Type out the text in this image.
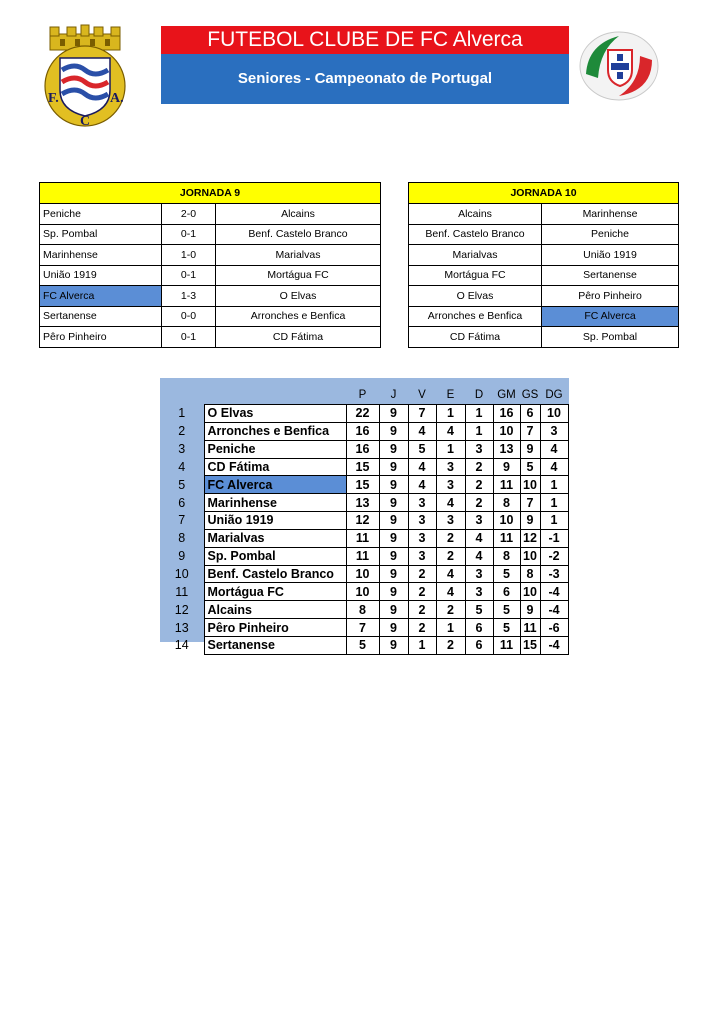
F.	A.
C
FUTEBOL CLUBE DE FC Alverca
Seniores - Campeonato de Portugal
JORNADA 9		
Peniche	2-0	Alcains
Sp. Pombal	0-1	Benf. Castelo Branco
Marinhense	1-0	Marialvas
União 1919	0-1	Mortágua FC
FC Alverca	1-3	O Elvas
Sertanense	0-0	Arronches e Benfica
Pêro Pinheiro	0-1	CD Fátima
JORNADA 10	
Alcains	Marinhense
Benf. Castelo Branco	Peniche
Marialvas	União 1919
Mortágua FC	Sertanense
O Elvas	Pêro Pinheiro
Arronches e Benfica	FC Alverca
CD Fátima	Sp. Pombal
		P	J	V	E	D	GM	GS	DG
1	O Elvas	22	9	7	1	1	16	6	10
2	Arronches e Benfica	16	9	4	4	1	10	7	3
3	Peniche	16	9	5	1	3	13	9	4
4	CD Fátima	15	9	4	3	2	9	5	4
5	FC Alverca	15	9	4	3	2	11	10	1
6	Marinhense	13	9	3	4	2	8	7	1
7	União 1919	12	9	3	3	3	10	9	1
8	Marialvas	11	9	3	2	4	11	12	-1
9	Sp. Pombal	11	9	3	2	4	8	10	-2
10	Benf. Castelo Branco	10	9	2	4	3	5	8	-3
11	Mortágua FC	10	9	2	4	3	6	10	-4
12	Alcains	8	9	2	2	5	5	9	-4
13	Pêro Pinheiro	7	9	2	1	6	5	11	-6
14	Sertanense	5	9	1	2	6	11	15	-4
